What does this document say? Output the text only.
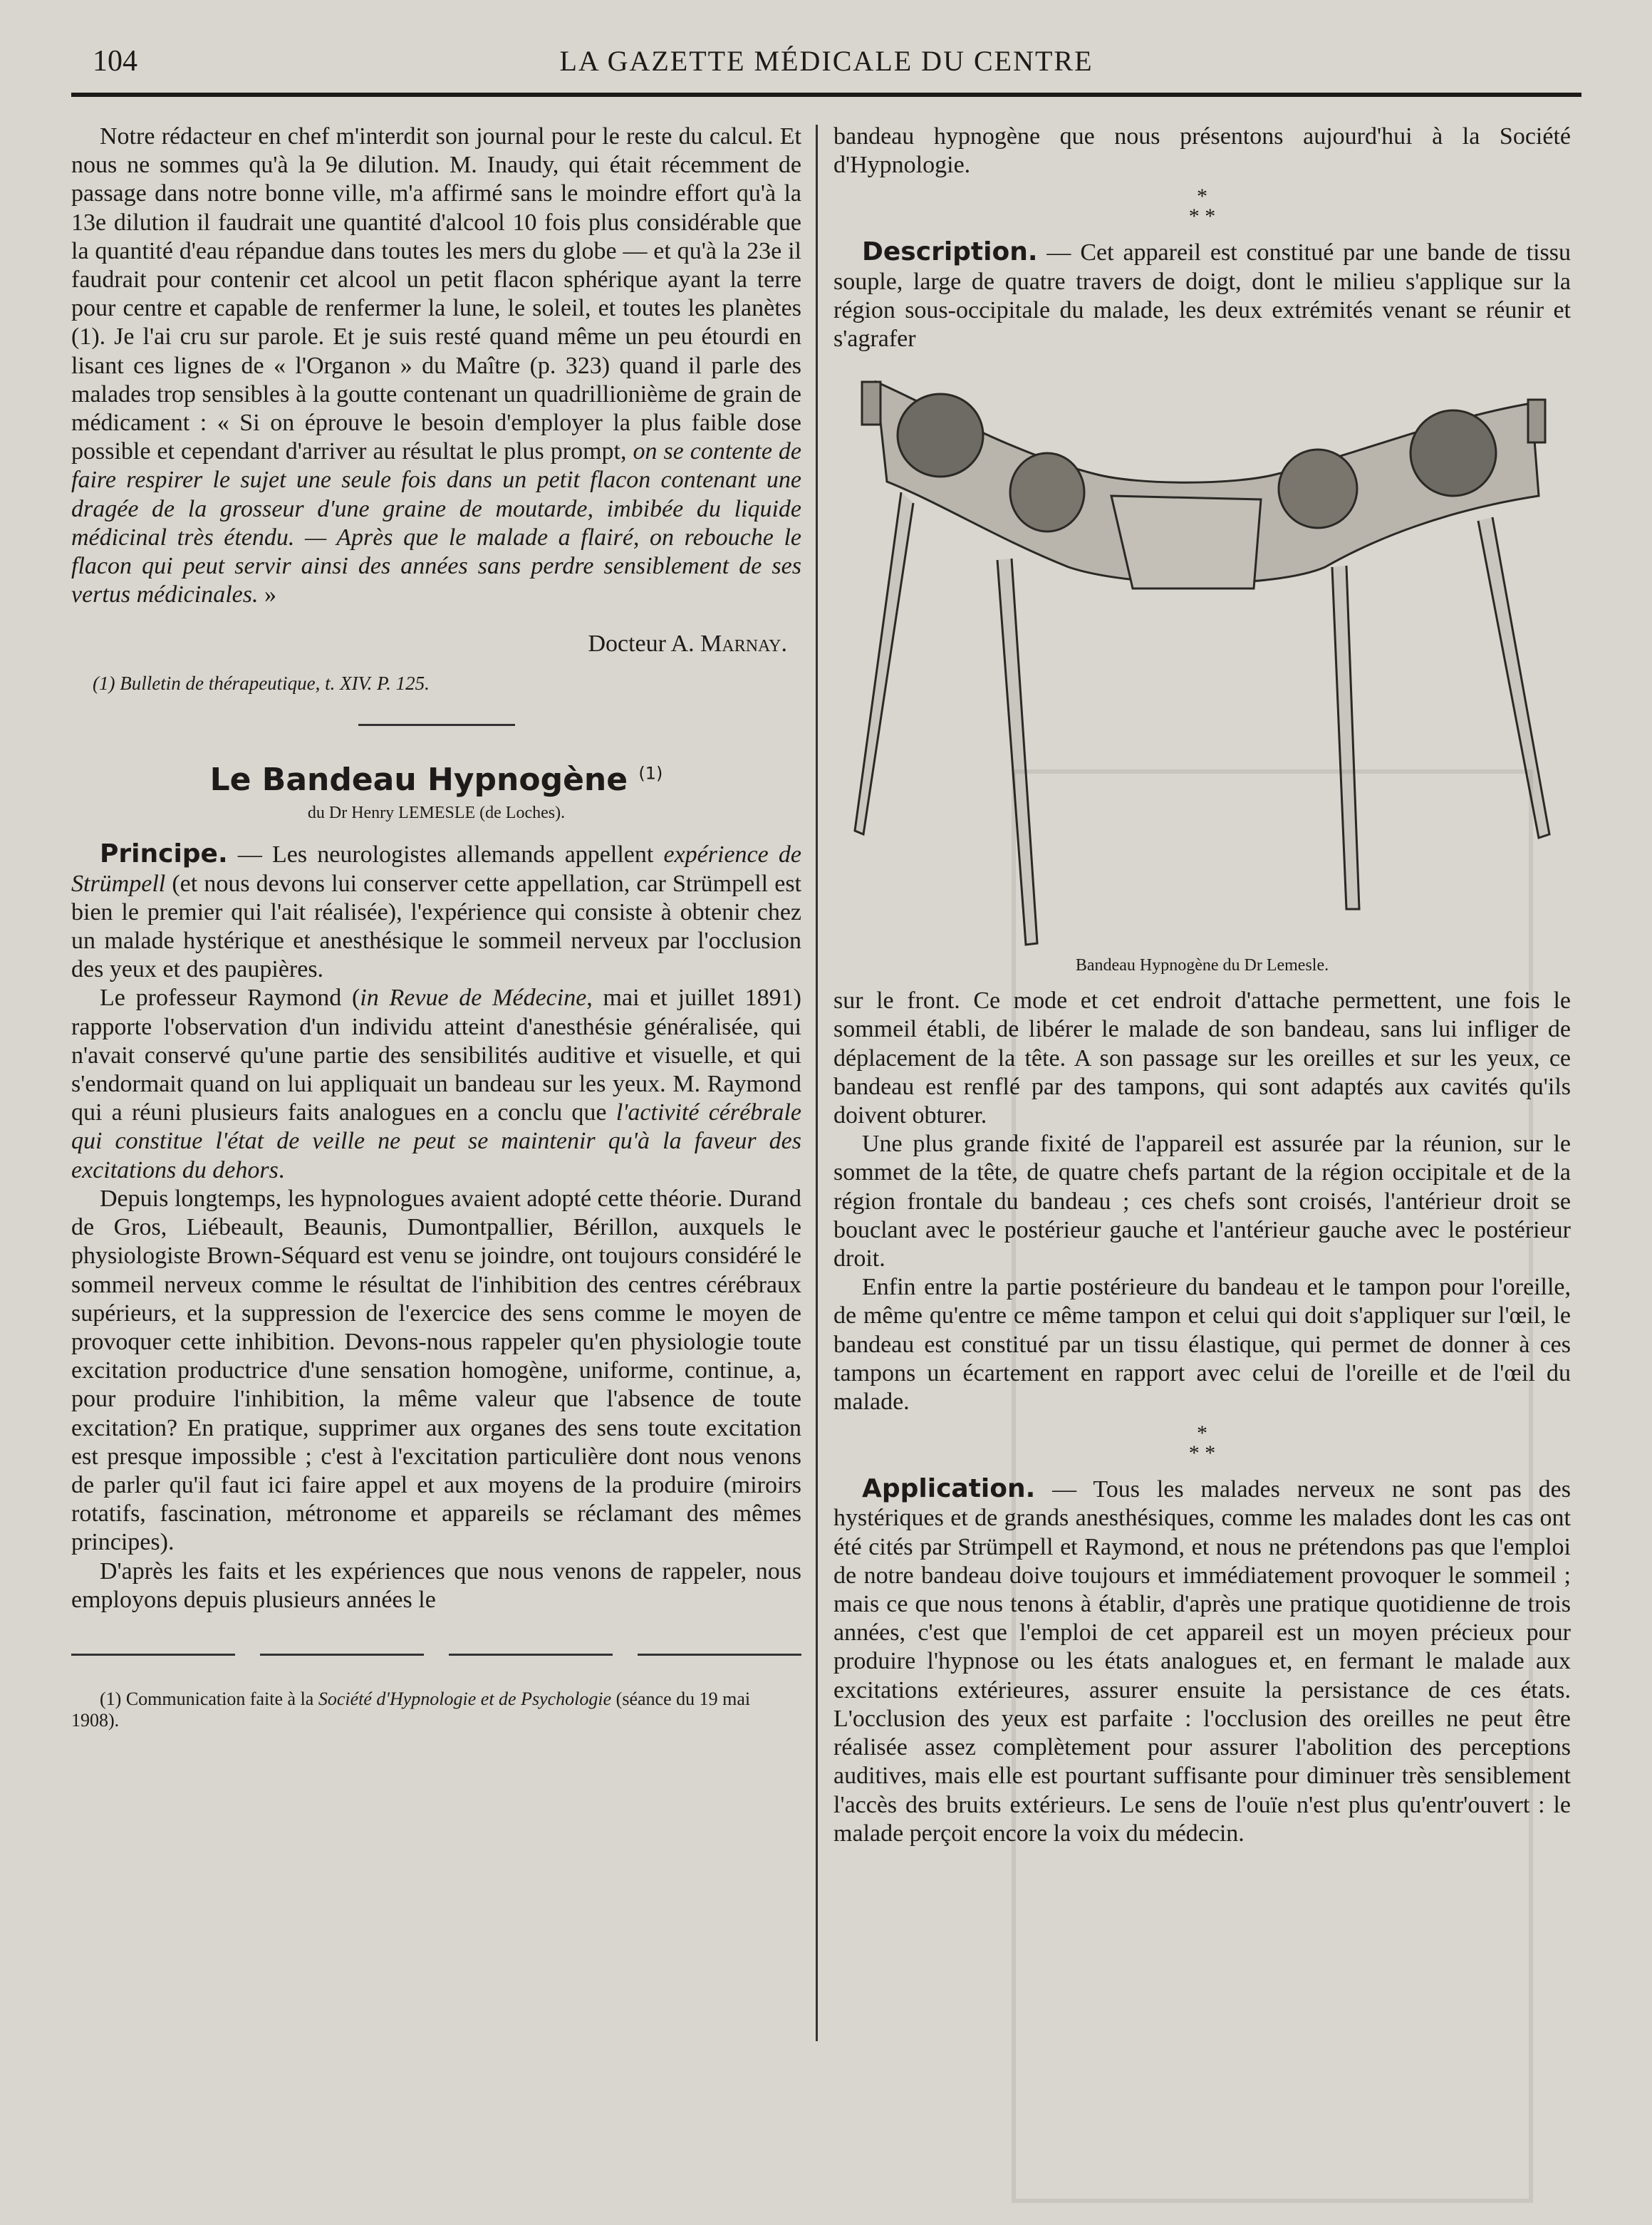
104	LA GAZETTE MÉDICALE DU CENTRE

Notre rédacteur en chef m'interdit son journal pour le reste du calcul. Et nous ne sommes qu'à la 9e dilution. M. Inaudy, qui était récemment de passage dans notre bonne ville, m'a affirmé sans le moindre effort qu'à la 13e dilution il faudrait une quantité d'alcool 10 fois plus considérable que la quantité d'eau répandue dans toutes les mers du globe — et qu'à la 23e il faudrait pour contenir cet alcool un petit flacon sphérique ayant la terre pour centre et capable de renfermer la lune, le soleil, et toutes les planètes (1). Je l'ai cru sur parole. Et je suis resté quand même un peu étourdi en lisant ces lignes de « l'Organon » du Maître (p. 323) quand il parle des malades trop sensibles à la goutte contenant un quadrillionième de grain de médicament : « Si on éprouve le besoin d'employer la plus faible dose possible et cependant d'arriver au résultat le plus prompt, on se contente de faire respirer le sujet une seule fois dans un petit flacon contenant une dragée de la grosseur d'une graine de moutarde, imbibée du liquide médicinal très étendu. — Après que le malade a flairé, on rebouche le flacon qui peut servir ainsi des années sans perdre sensiblement de ses vertus médicinales. »

Docteur A. Marnay.
(1) Bulletin de thérapeutique, t. XIV. P. 125.
Le Bandeau Hypnogène $^{(1)}$
du Dr Henry LEMESLE (de Loches).

Principe. — Les neurologistes allemands appellent expérience de Strümpell (et nous devons lui conserver cette appellation, car Strümpell est bien le premier qui l'ait réalisée), l'expérience qui consiste à obtenir chez un malade hystérique et anesthésique le sommeil nerveux par l'occlusion des yeux et des paupières.

Le professeur Raymond (in Revue de Médecine, mai et juillet 1891) rapporte l'observation d'un individu atteint d'anesthésie généralisée, qui n'avait conservé qu'une partie des sensibilités auditive et visuelle, et qui s'endormait quand on lui appliquait un bandeau sur les yeux. M. Raymond qui a réuni plusieurs faits analogues en a conclu que l'activité cérébrale qui constitue l'état de veille ne peut se maintenir qu'à la faveur des excitations du dehors.

Depuis longtemps, les hypnologues avaient adopté cette théorie. Durand de Gros, Liébeault, Beaunis, Dumontpallier, Bérillon, auxquels le physiologiste Brown-Séquard est venu se joindre, ont toujours considéré le sommeil nerveux comme le résultat de l'inhibition des centres cérébraux supérieurs, et la suppression de l'exercice des sens comme le moyen de provoquer cette inhibition. Devons-nous rappeler qu'en physiologie toute excitation productrice d'une sensation homogène, uniforme, continue, a, pour produire l'inhibition, la même valeur que l'absence de toute excitation? En pratique, supprimer aux organes des sens toute excitation est presque impossible ; c'est à l'excitation particulière dont nous venons de parler qu'il faut ici faire appel et aux moyens de la produire (miroirs rotatifs, fascination, métronome et appareils se réclamant des mêmes principes).

D'après les faits et les expériences que nous venons de rappeler, nous employons depuis plusieurs années le

(1) Communication faite à la Société d'Hypnologie et de Psychologie (séance du 19 mai 1908).

bandeau hypnogène que nous présentons aujourd'hui à la Société d'Hypnologie.

*
* *

Description. — Cet appareil est constitué par une bande de tissu souple, large de quatre travers de doigt, dont le milieu s'applique sur la région sous-occipitale du malade, les deux extrémités venant se réunir et s'agrafer

Bandeau Hypnogène du Dr Lemesle.

sur le front. Ce mode et cet endroit d'attache permettent, une fois le sommeil établi, de libérer le malade de son bandeau, sans lui infliger de déplacement de la tête. A son passage sur les oreilles et sur les yeux, ce bandeau est renflé par des tampons, qui sont adaptés aux cavités qu'ils doivent obturer.

Une plus grande fixité de l'appareil est assurée par la réunion, sur le sommet de la tête, de quatre chefs partant de la région occipitale et de la région frontale du bandeau ; ces chefs sont croisés, l'antérieur droit se bouclant avec le postérieur gauche et l'antérieur gauche avec le postérieur droit.

Enfin entre la partie postérieure du bandeau et le tampon pour l'oreille, de même qu'entre ce même tampon et celui qui doit s'appliquer sur l'œil, le bandeau est constitué par un tissu élastique, qui permet de donner à ces tampons un écartement en rapport avec celui de l'oreille et de l'œil du malade.

*
* *

Application. — Tous les malades nerveux ne sont pas des hystériques et de grands anesthésiques, comme les malades dont les cas ont été cités par Strümpell et Raymond, et nous ne prétendons pas que l'emploi de notre bandeau doive toujours et immédiatement provoquer le sommeil ; mais ce que nous tenons à établir, d'après une pratique quotidienne de trois années, c'est que l'emploi de cet appareil est un moyen précieux pour produire l'hypnose ou les états analogues et, en fermant le malade aux excitations extérieures, assurer ensuite la persistance de ces états. L'occlusion des yeux est parfaite : l'occlusion des oreilles ne peut être réalisée assez complètement pour assurer l'abolition des perceptions auditives, mais elle est pourtant suffisante pour diminuer très sensiblement l'accès des bruits extérieurs. Le sens de l'ouïe n'est plus qu'entr'ouvert : le malade perçoit encore la voix du médecin.
